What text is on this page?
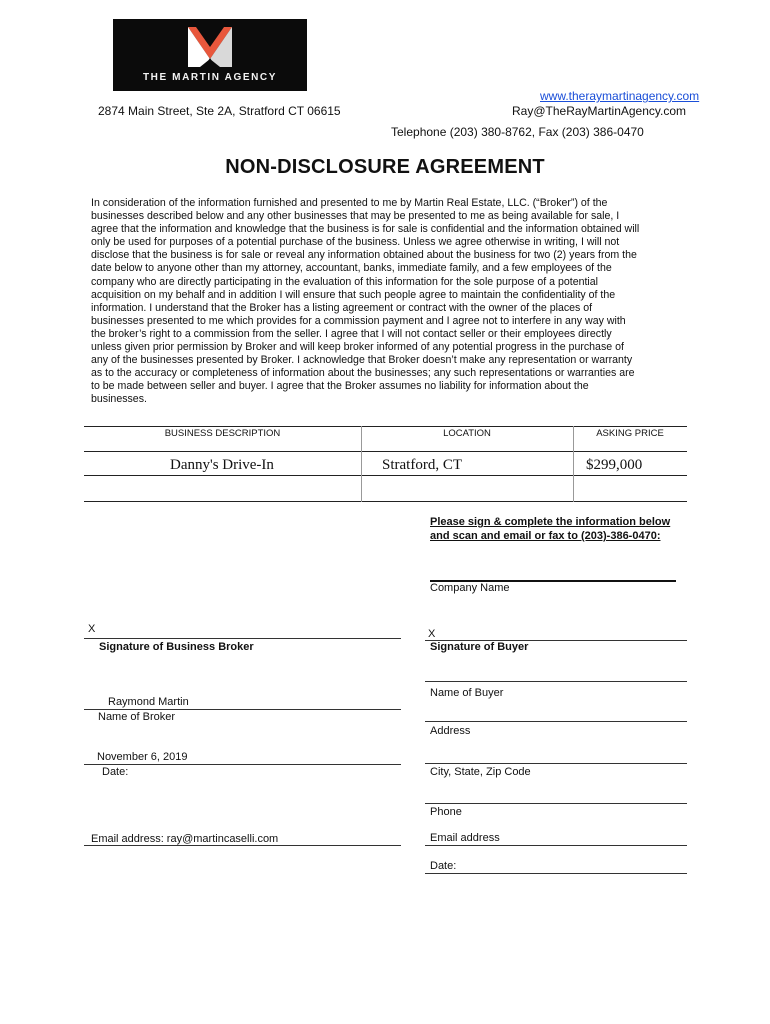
THE MARTIN AGENCY
2874 Main Street, Ste 2A, Stratford CT 06615
www.theraymartinagency.com
Ray@TheRayMartinAgency.com
Telephone (203) 380-8762, Fax (203) 386-0470
NON-DISCLOSURE AGREEMENT
In consideration of the information furnished and presented to me by Martin Real Estate, LLC. (“Broker”) of the
businesses described below and any other businesses that may be presented to me as being available for sale, I
agree that the information and knowledge that the business is for sale is confidential and the information obtained will
only be used for purposes of a potential purchase of the business. Unless we agree otherwise in writing, I will not
disclose that the business is for sale or reveal any information obtained about the business for two (2) years from the
date below to anyone other than my attorney, accountant, banks, immediate family, and a few employees of the
company who are directly participating in the evaluation of this information for the sole purpose of a potential
acquisition on my behalf and in addition I will ensure that such people agree to maintain the confidentiality of the
information. I understand that the Broker has a listing agreement or contract with the owner of the places of
businesses presented to me which provides for a commission payment and I agree not to interfere in any way with
the broker’s right to a commission from the seller. I agree that I will not contact seller or their employees directly
unless given prior permission by Broker and will keep broker informed of any potential progress in the purchase of
any of the businesses presented by Broker. I acknowledge that Broker doesn’t make any representation or warranty
as to the accuracy or completeness of information about the businesses; any such representations or warranties are
to be made between seller and buyer. I agree that the Broker assumes no liability for information about the
businesses.
BUSINESS DESCRIPTION	LOCATION	ASKING PRICE
Danny's Drive-In	Stratford, CT	$299,000
Please sign & complete the information below
and scan and email or fax to (203)-386-0470:
Company Name
X
Signature of Business Broker
X
Signature of Buyer
Name of Buyer
Raymond Martin
Name of Broker
Address
November 6, 2019
Date:	City, State, Zip Code
Phone
Email address: ray@martincaselli.com	Email address
Date:
